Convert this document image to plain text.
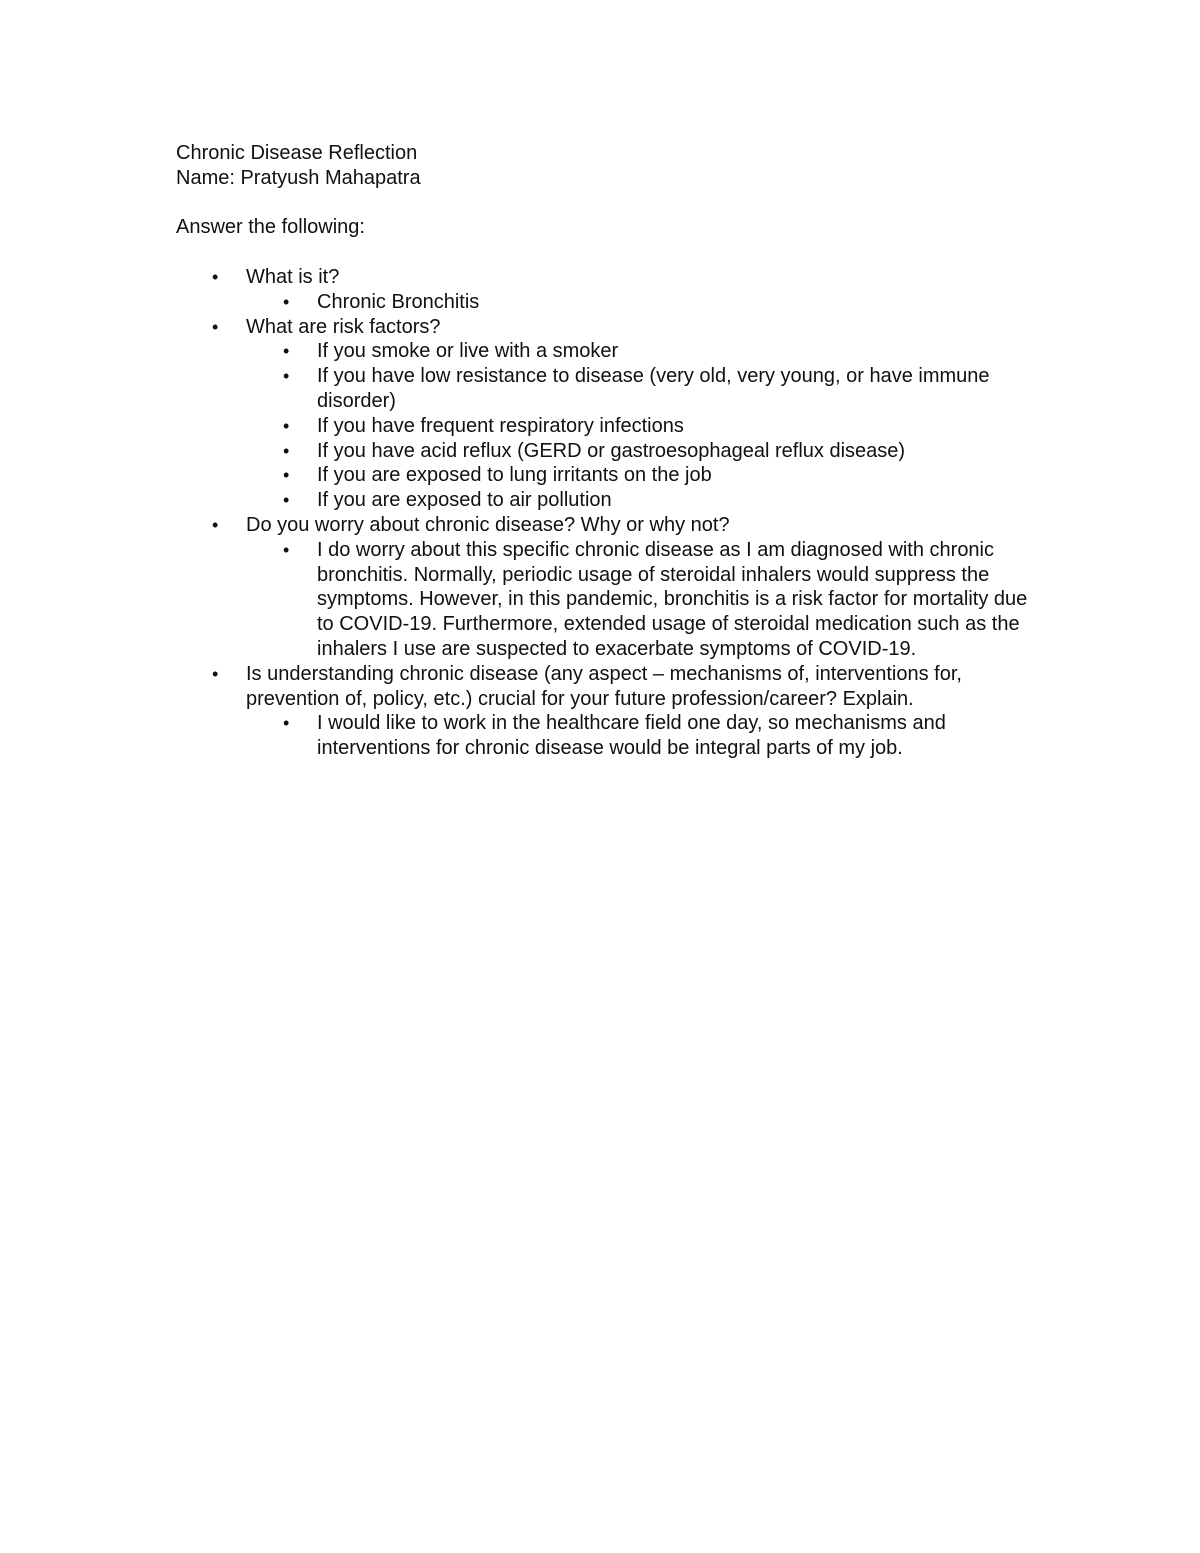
Chronic Disease Reflection

Name: Pratyush Mahapatra

Answer the following:

• What is it?
• Chronic Bronchitis
• What are risk factors?
• If you smoke or live with a smoker
• If you have low resistance to disease (very old, very young, or have immune disorder)
• If you have frequent respiratory infections
• If you have acid reflux (GERD or gastroesophageal reflux disease)
• If you are exposed to lung irritants on the job
• If you are exposed to air pollution
• Do you worry about chronic disease? Why or why not?
• I do worry about this specific chronic disease as I am diagnosed with chronic bronchitis. Normally, periodic usage of steroidal inhalers would suppress the symptoms. However, in this pandemic, bronchitis is a risk factor for mortality due to COVID-19. Furthermore, extended usage of steroidal medication such as the inhalers I use are suspected to exacerbate symptoms of COVID-19.
• Is understanding chronic disease (any aspect – mechanisms of, interventions for, prevention of, policy, etc.) crucial for your future profession/career? Explain.
• I would like to work in the healthcare field one day, so mechanisms and interventions for chronic disease would be integral parts of my job.
